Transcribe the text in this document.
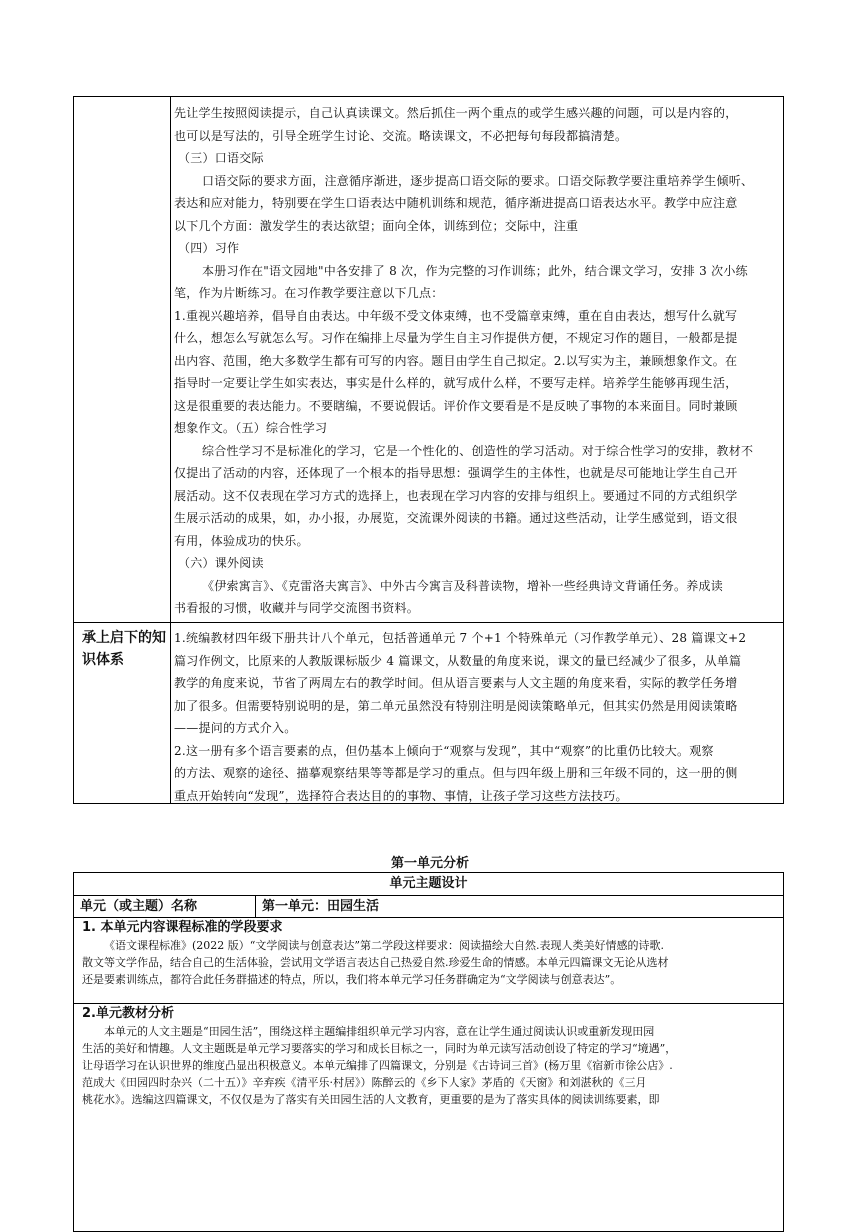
先让学生按照阅读提示，自己认真读课文。然后抓住一两个重点的或学生感兴趣的问题，可以是内容的，
也可以是写法的，引导全班学生讨论、交流。略读课文，不必把每句每段都搞清楚。
（三）口语交际
口语交际的要求方面，注意循序渐进，逐步提高口语交际的要求。口语交际教学要注重培养学生倾听、
表达和应对能力，特别要在学生口语表达中随机训练和规范，循序渐进提高口语表达水平。教学中应注意
以下几个方面：激发学生的表达欲望；面向全体，训练到位；交际中，注重
（四）习作
本册习作在"语文园地"中各安排了 8 次，作为完整的习作训练；此外，结合课文学习，安排 3 次小练
笔，作为片断练习。在习作教学要注意以下几点：
1.重视兴趣培养，倡导自由表达。中年级不受文体束缚，也不受篇章束缚，重在自由表达，想写什么就写
什么，想怎么写就怎么写。习作在编排上尽量为学生自主习作提供方便，不规定习作的题目，一般都是提
出内容、范围，绝大多数学生都有可写的内容。题目由学生自己拟定。2.以写实为主，兼顾想象作文。在
指导时一定要让学生如实表达，事实是什么样的，就写成什么样，不要写走样。培养学生能够再现生活，
这是很重要的表达能力。不要瞎编，不要说假话。评价作文要看是不是反映了事物的本来面目。同时兼顾
想象作文。（五）综合性学习
综合性学习不是标准化的学习，它是一个性化的、创造性的学习活动。对于综合性学习的安排，教材不
仅提出了活动的内容，还体现了一个根本的指导思想：强调学生的主体性，也就是尽可能地让学生自己开
展活动。这不仅表现在学习方式的选择上，也表现在学习内容的安排与组织上。要通过不同的方式组织学
生展示活动的成果，如，办小报，办展览，交流课外阅读的书籍。通过这些活动，让学生感觉到，语文很
有用，体验成功的快乐。
（六）课外阅读
《伊索寓言》、《克雷洛夫寓言》、中外古今寓言及科普读物，增补一些经典诗文背诵任务。养成读
书看报的习惯，收藏并与同学交流图书资料。
承上启下的知识体系
1.统编教材四年级下册共计八个单元，包括普通单元 7 个+1 个特殊单元（习作教学单元）、28 篇课文+2
篇习作例文，比原来的人教版课标版少 4 篇课文，从数量的角度来说，课文的量已经减少了很多，从单篇
教学的角度来说，节省了两周左右的教学时间。但从语言要素与人文主题的角度来看，实际的教学任务增
加了很多。但需要特别说明的是，第二单元虽然没有特别注明是阅读策略单元，但其实仍然是用阅读策略
——提问的方式介入。
2.这一册有多个语言要素的点，但仍基本上倾向于“观察与发现”，其中“观察”的比重仍比较大。观察
的方法、观察的途径、描摹观察结果等等都是学习的重点。但与四年级上册和三年级不同的，这一册的侧
重点开始转向“发现”，选择符合表达目的的事物、事情，让孩子学习这些方法技巧。
第一单元分析
单元主题设计
单元（或主题）名称	第一单元：田园生活
1. 本单元内容课程标准的学段要求
《语文课程标准》(2022 版）“文学阅读与创意表达”第二学段这样要求：阅读描绘大自然.表现人类美好情感的诗歌.
散文等文学作品，结合自己的生活体验，尝试用文学语言表达自己热爱自然.珍爱生命的情感。本单元四篇课文无论从选材
还是要素训练点，都符合此任务群描述的特点，所以，我们将本单元学习任务群确定为“文学阅读与创意表达”。
2.单元教材分析
本单元的人文主题是“田园生活”，围绕这样主题编排组织单元学习内容，意在让学生通过阅读认识或重新发现田园
生活的美好和情趣。人文主题既是单元学习要落实的学习和成长目标之一，同时为单元读写活动创设了特定的学习“境遇”，
让母语学习在认识世界的维度凸显出积极意义。本单元编排了四篇课文，分别是《古诗词三首》(杨万里《宿新市徐公店》.
范成大《田园四时杂兴（二十五）》辛弃疾《清平乐·村居》）陈醉云的《乡下人家》茅盾的《天窗》和刘湛秋的《三月
桃花水》。选编这四篇课文，不仅仅是为了落实有关田园生活的人文教育，更重要的是为了落实具体的阅读训练要素，即
